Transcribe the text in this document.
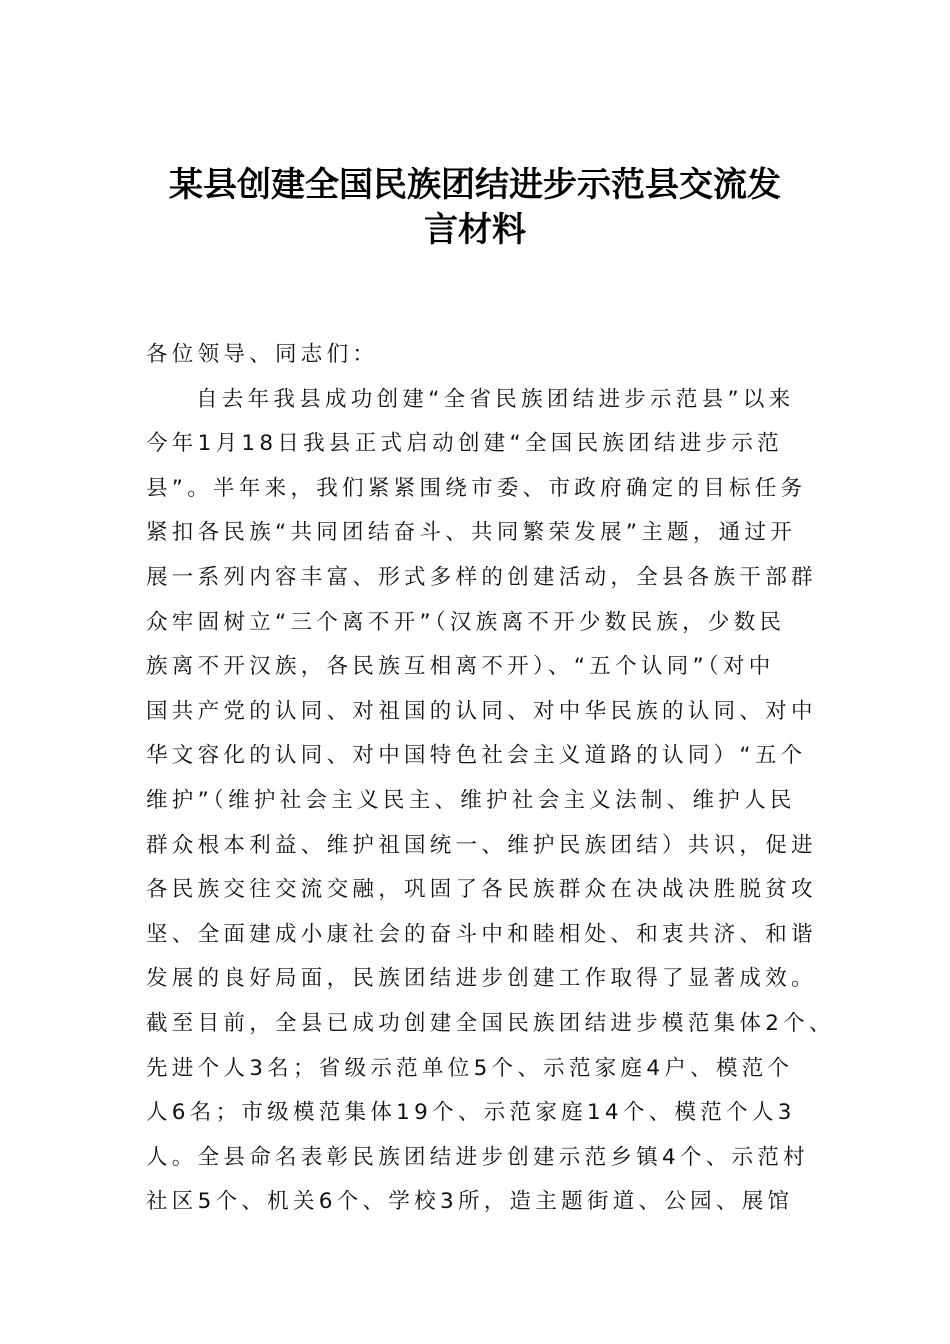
某县创建全国民族团结进步示范县交流发
言材料
各位领导、同志们：
自去年我县成功创建“全省民族团结进步示范县”以来
今年1月18日我县正式启动创建“全国民族团结进步示范
县”。半年来，我们紧紧围绕市委、市政府确定的目标任务
紧扣各民族“共同团结奋斗、共同繁荣发展”主题，通过开
展一系列内容丰富、形式多样的创建活动，全县各族干部群
众牢固树立“三个离不开”（汉族离不开少数民族，少数民
族离不开汉族，各民族互相离不开）、“五个认同”（对中
国共产党的认同、对祖国的认同、对中华民族的认同、对中
华文容化的认同、对中国特色社会主义道路的认同）“五个
维护”（维护社会主义民主、维护社会主义法制、维护人民
群众根本利益、维护祖国统一、维护民族团结）共识，促进
各民族交往交流交融，巩固了各民族群众在决战决胜脱贫攻
坚、全面建成小康社会的奋斗中和睦相处、和衷共济、和谐
发展的良好局面，民族团结进步创建工作取得了显著成效。
截至目前，全县已成功创建全国民族团结进步模范集体2个、
先进个人3名；省级示范单位5个、示范家庭4户、模范个
人6名；市级模范集体19个、示范家庭14个、模范个人3
人。全县命名表彰民族团结进步创建示范乡镇4个、示范村
社区5个、机关6个、学校3所，造主题街道、公园、展馆
